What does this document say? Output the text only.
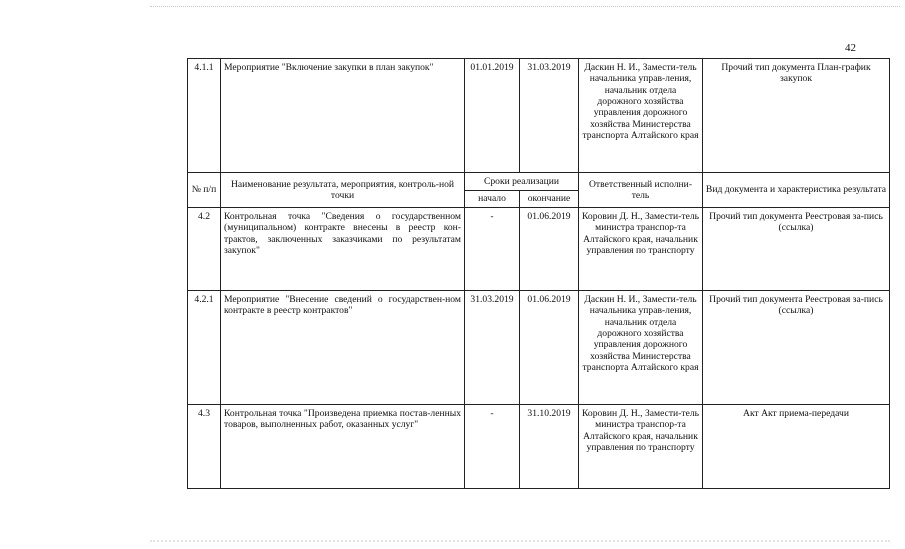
42
4.1.1	Мероприятие "Включение закупки в план закупок"	01.01.2019	31.03.2019	Даскин Н. И., Замести-тель начальника управ-ления, начальник отдела дорожного хозяйства управления дорожного хозяйства Министерства транспорта Алтайского края	Прочий тип документа План-график закупок
№ п/п	Наименование результата, мероприятия, контроль-ной точки	Сроки реализации		Ответственный исполни-тель	Вид документа и характеристика результата
		начало	окончание		
4.2	Контрольная точка "Сведения о государственном (муниципальном) контракте внесены в реестр кон-трактов, заключенных заказчиками по результатам закупок"	-	01.06.2019	Коровин Д. Н., Замести-тель министра транспор-та Алтайского края, начальник управления по транспорту	Прочий тип документа Реестровая за-пись (ссылка)
4.2.1	Мероприятие "Внесение сведений о государствен-ном контракте в реестр контрактов"	31.03.2019	01.06.2019	Даскин Н. И., Замести-тель начальника управ-ления, начальник отдела дорожного хозяйства управления дорожного хозяйства Министерства транспорта Алтайского края	Прочий тип документа Реестровая за-пись (ссылка)
4.3	Контрольная точка "Произведена приемка постав-ленных товаров, выполненных работ, оказанных услуг"	-	31.10.2019	Коровин Д. Н., Замести-тель министра транспор-та Алтайского края, начальник управления по транспорту	Акт Акт приема-передачи
